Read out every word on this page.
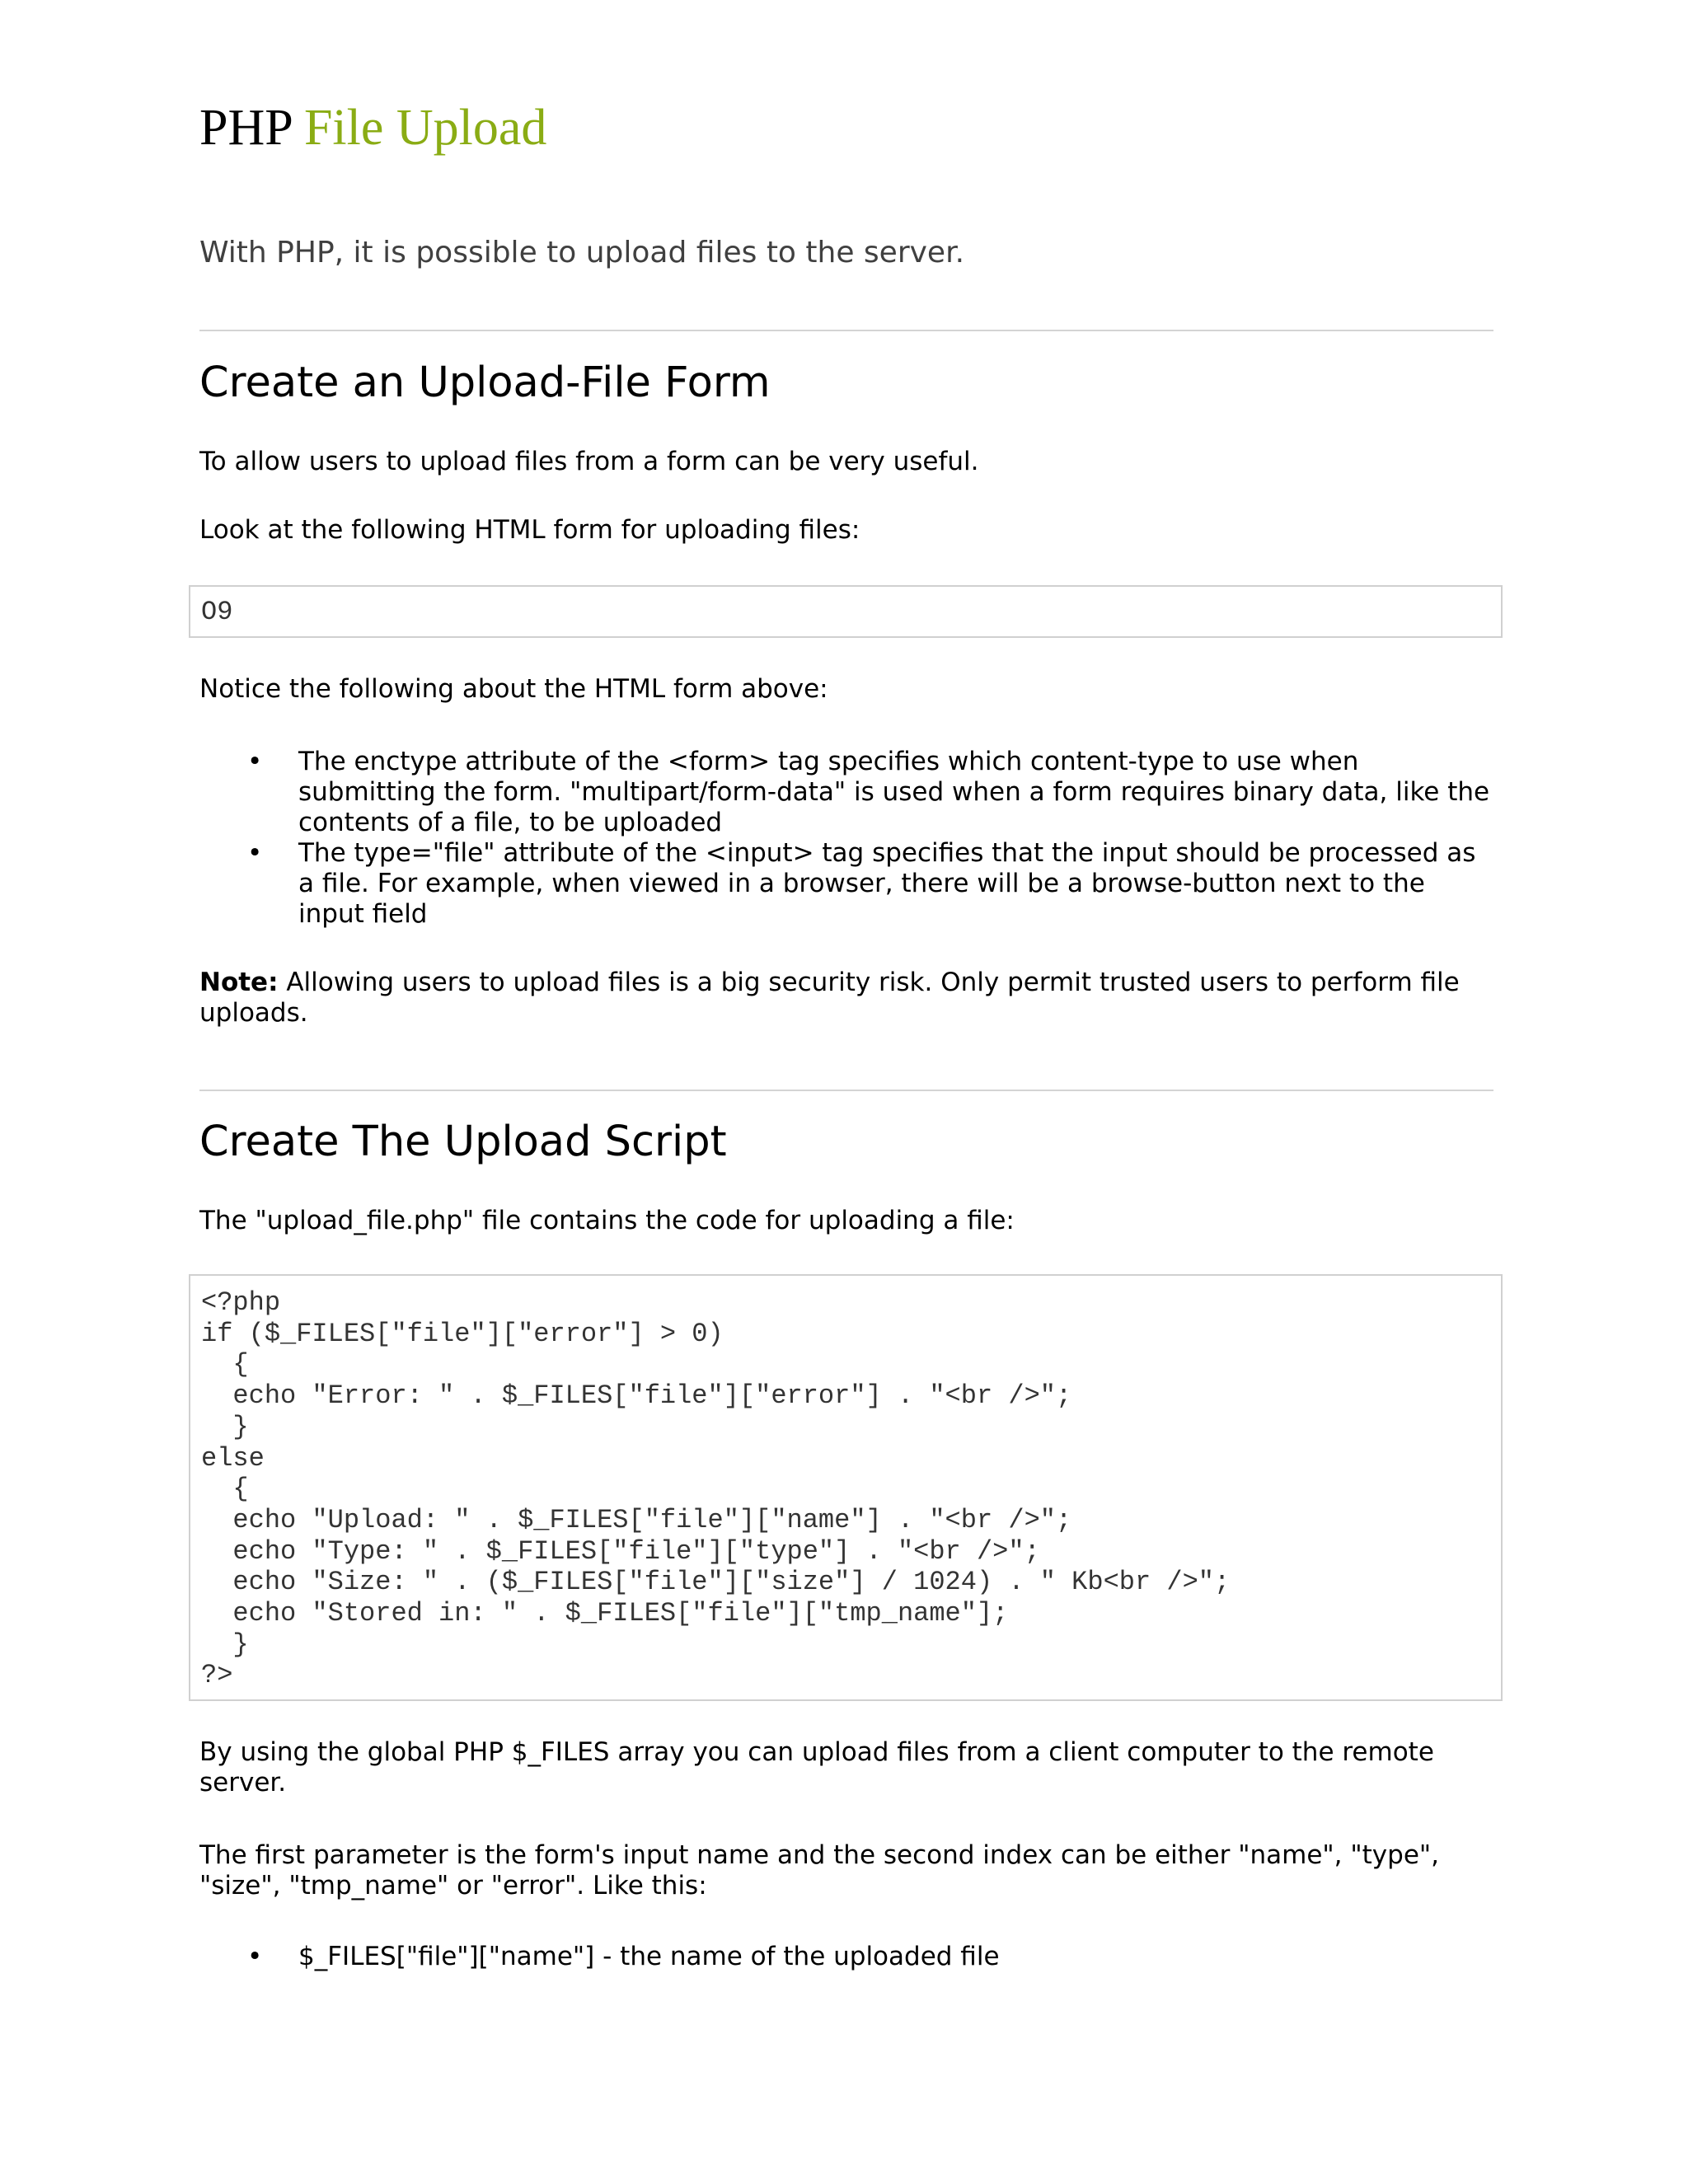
PHP File Upload

With PHP, it is possible to upload files to the server.

Create an Upload-File Form

To allow users to upload files from a form can be very useful.

Look at the following HTML form for uploading files:

O9

Notice the following about the HTML form above:

• The enctype attribute of the <form> tag specifies which content-type to use when submitting the form. "multipart/form-data" is used when a form requires binary data, like the contents of a file, to be uploaded
• The type="file" attribute of the <input> tag specifies that the input should be processed as a file. For example, when viewed in a browser, there will be a browse-button next to the input field

Note: Allowing users to upload files is a big security risk. Only permit trusted users to perform file uploads.

Create The Upload Script

The "upload_file.php" file contains the code for uploading a file:

<?php
if ($_FILES["file"]["error"] > 0)
{
echo "Error: " . $_FILES["file"]["error"] . "<br />";
}
else
{
echo "Upload: " . $_FILES["file"]["name"] . "<br />";
echo "Type: " . $_FILES["file"]["type"] . "<br />";
echo "Size: " . ($_FILES["file"]["size"] / 1024) . " Kb<br />";
echo "Stored in: " . $_FILES["file"]["tmp_name"];
}
?>

By using the global PHP $_FILES array you can upload files from a client computer to the remote server.

The first parameter is the form's input name and the second index can be either "name", "type", "size", "tmp_name" or "error". Like this:

• $_FILES["file"]["name"] - the name of the uploaded file
